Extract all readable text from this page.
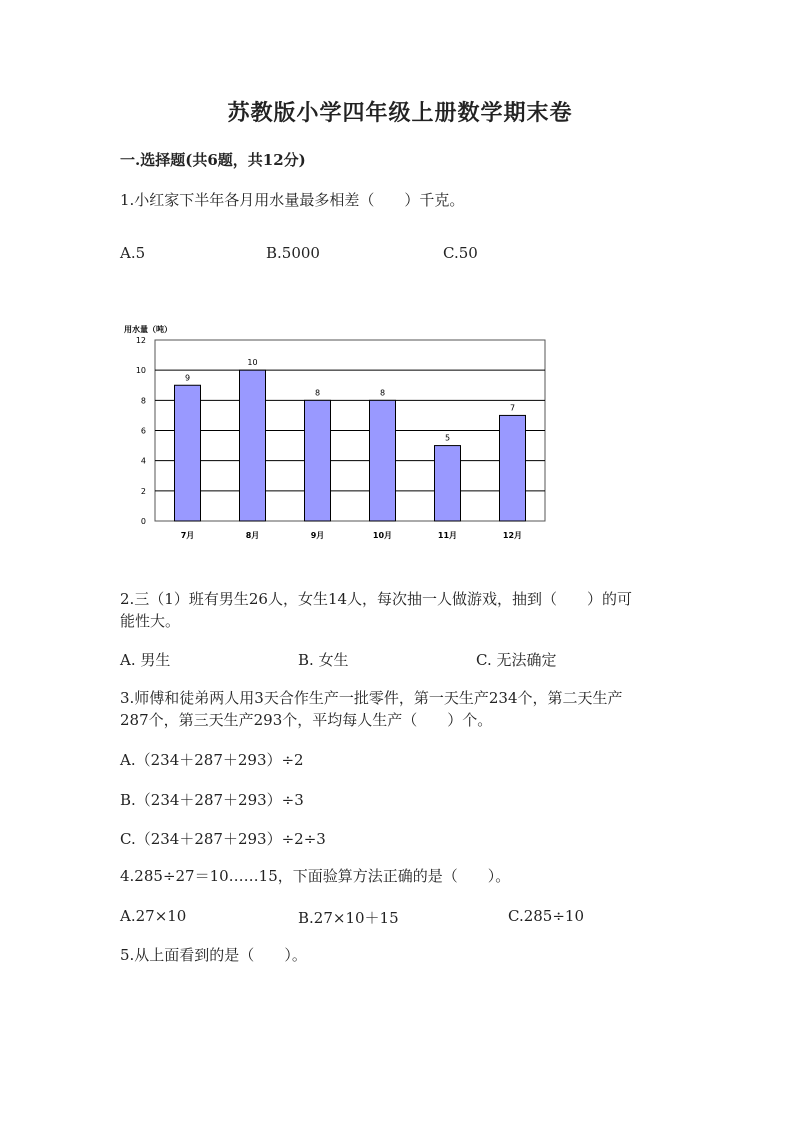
苏教版小学四年级上册数学期末卷
一.选择题(共6题，共12分)
1.小红家下半年各月用水量最多相差（　　）千克。
A.5	B.5000	C.50
0
2
4
6
8
10
12
9
7月
10
8月
8
9月
8
10月
5
11月
7
12月
用水量（吨）
2.三（1）班有男生26人，女生14人，每次抽一人做游戏，抽到（　　）的可
能性大。
A. 男生	B. 女生	C. 无法确定
3.师傅和徒弟两人用3天合作生产一批零件，第一天生产234个，第二天生产
287个，第三天生产293个，平均每人生产（　　）个。
A.（234＋287＋293）÷2
B.（234＋287＋293）÷3
C.（234＋287＋293）÷2÷3
4.285÷27＝10……15，下面验算方法正确的是（　　）。
A.27×10	B.27×10＋15	C.285÷10
5.从上面看到的是（　　）。
